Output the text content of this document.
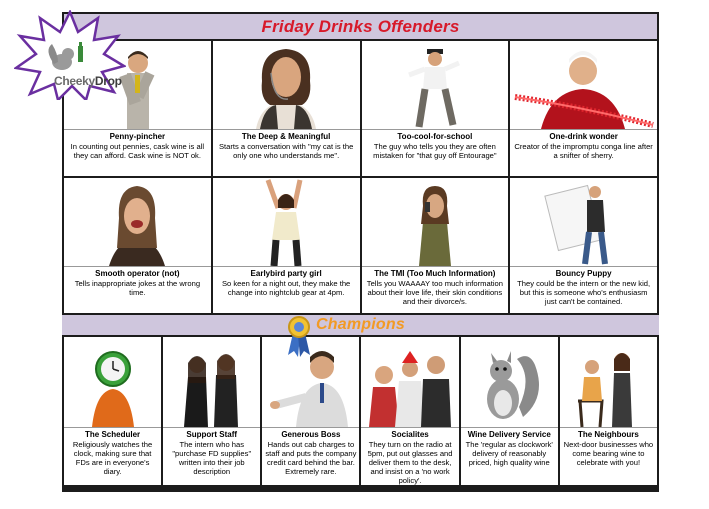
Friday Drinks Offenders
Penny-pincher
In counting out pennies, cask wine is all they can afford. Cask wine is NOT ok.
The Deep & Meaningful
Starts a conversation with "my cat is the only one who understands me".
Too-cool-for-school
The guy who tells you they are often mistaken for "that guy off Entourage"
One-drink wonder
Creator of the impromptu conga line after a snifter of sherry.
Smooth operator (not)
Tells inappropriate jokes at the wrong time.
Earlybird party girl
So keen for a night out, they make the change into nightclub gear at 4pm.
The TMI (Too Much Information)
Tells you WAAAAY too much information about their love life, their skin conditions and their divorce/s.
Bouncy Puppy
They could be the intern or the new kid, but this is someone who's enthusiasm just can't be contained.
Champions
The Scheduler
Religiously watches the clock, making sure that FDs are in everyone's diary.
Support Staff
The intern who has "purchase FD supplies" written into their job description
Generous Boss
Hands out cab charges to staff and puts the company credit card behind the bar. Extremely rare.
Socialites
They turn on the radio at 5pm, put out glasses and deliver them to the desk, and insist on a 'no work policy'.
Wine Delivery Service
The 'regular as clockwork' delivery of reasonably priced, high quality wine
The Neighbours
Next-door businesses who come bearing wine to celebrate with you!
CheekyDrop
